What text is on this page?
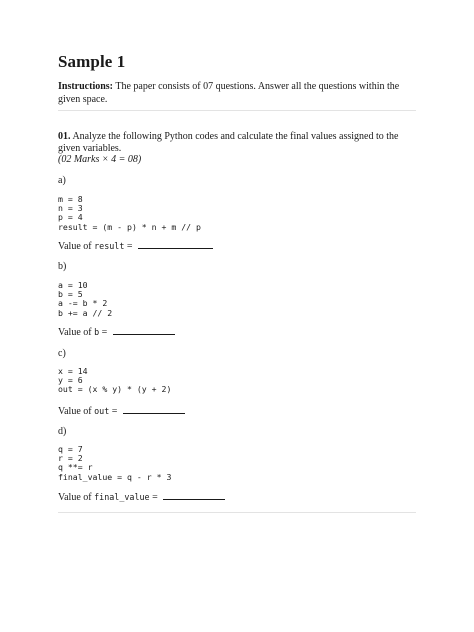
Sample 1
Instructions: The paper consists of 07 questions. Answer all the questions within the given space.
01. Analyze the following Python codes and calculate the final values assigned to the given variables.
(02 Marks × 4 = 08)
a)
m = 8
n = 3
p = 4
result = (m - p) * n + m // p
Value of result =
b)
a = 10
b = 5
a -= b * 2
b += a // 2
Value of b =
c)
x = 14
y = 6
out = (x % y) * (y + 2)
Value of out =
d)
q = 7
r = 2
q **= r
final_value = q - r * 3
Value of final_value =
